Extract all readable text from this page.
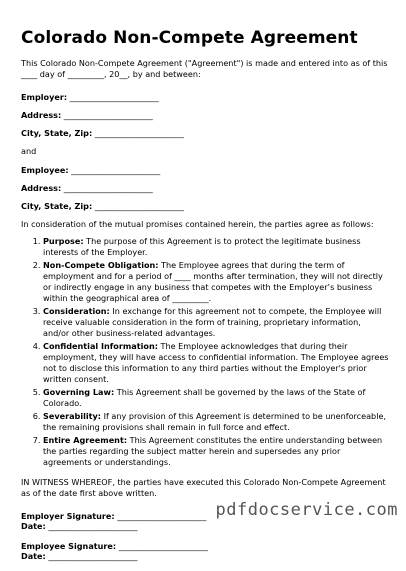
Colorado Non-Compete Agreement

This Colorado Non-Compete Agreement ("Agreement") is made and entered into as of this ____ day of _________, 20__, by and between:

Employer: ______________________
Address: ______________________
City, State, Zip: ______________________
and
Employee: ______________________
Address: ______________________
City, State, Zip: ______________________

In consideration of the mutual promises contained herein, the parties agree as follows:

1. Purpose: The purpose of this Agreement is to protect the legitimate business interests of the Employer.
2. Non-Compete Obligation: The Employee agrees that during the term of employment and for a period of ____ months after termination, they will not directly or indirectly engage in any business that competes with the Employer’s business within the geographical area of _________.
3. Consideration: In exchange for this agreement not to compete, the Employee will receive valuable consideration in the form of training, proprietary information, and/or other business-related advantages.
4. Confidential Information: The Employee acknowledges that during their employment, they will have access to confidential information. The Employee agrees not to disclose this information to any third parties without the Employer's prior written consent.
5. Governing Law: This Agreement shall be governed by the laws of the State of Colorado.
6. Severability: If any provision of this Agreement is determined to be unenforceable, the remaining provisions shall remain in full force and effect.
7. Entire Agreement: This Agreement constitutes the entire understanding between the parties regarding the subject matter herein and supersedes any prior agreements or understandings.

IN WITNESS WHEREOF, the parties have executed this Colorado Non-Compete Agreement as of the date first above written.

Employer Signature: ______________________
Date: ______________________
Employee Signature: ______________________
Date: ______________________
pdfdocservice.com
